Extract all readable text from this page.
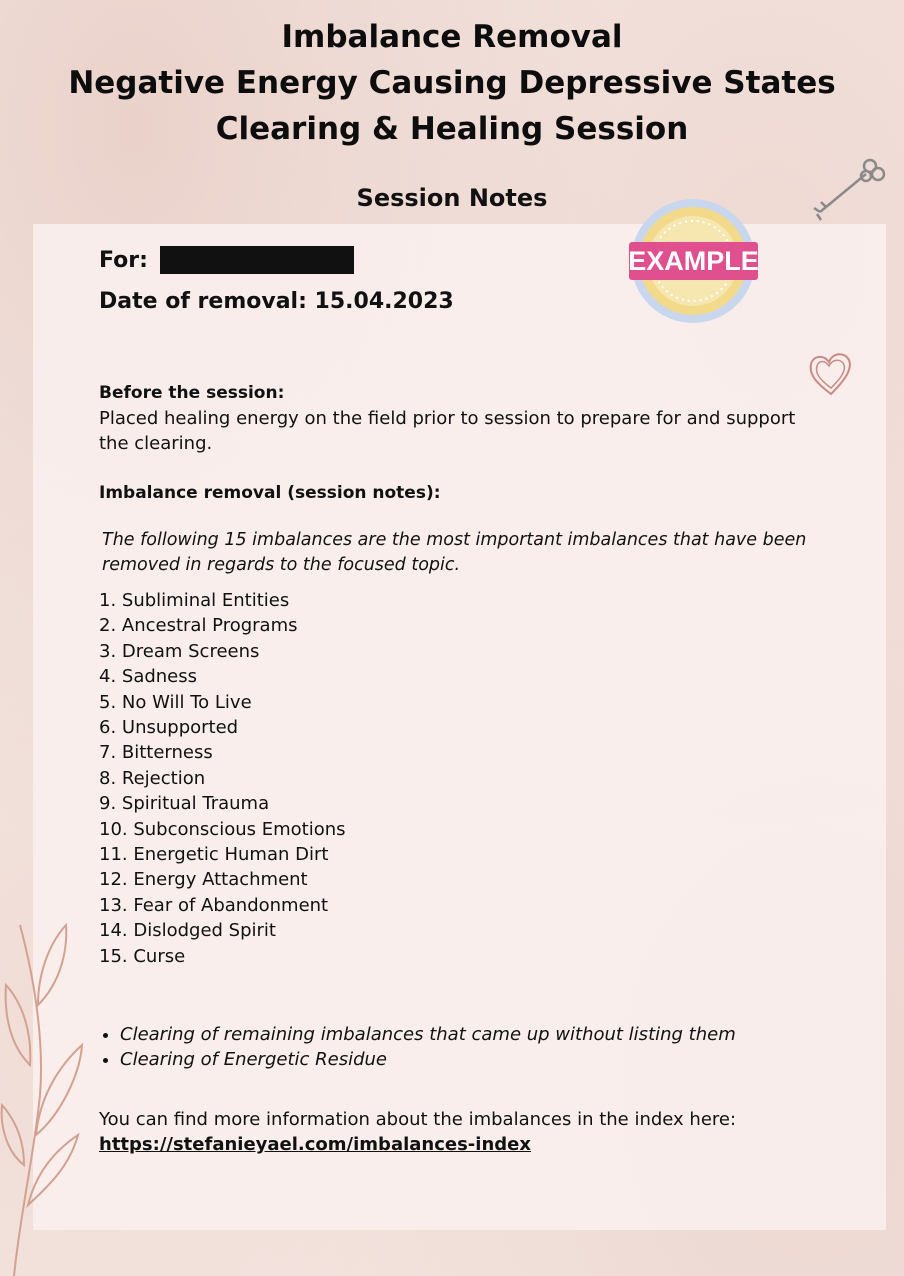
Imbalance Removal
Negative Energy Causing Depressive States
Clearing & Healing Session
Session Notes
EXAMPLE
For:
Date of removal: 15.04.2023
Before the session:
Placed healing energy on the field prior to session to prepare for and support the clearing.
Imbalance removal (session notes):
The following 15 imbalances are the most important imbalances that have been removed in regards to the focused topic.
1. Subliminal Entities
2. Ancestral Programs
3. Dream Screens
4. Sadness
5. No Will To Live
6. Unsupported
7. Bitterness
8. Rejection
9. Spiritual Trauma
10. Subconscious Emotions
11. Energetic Human Dirt
12. Energy Attachment
13. Fear of Abandonment
14. Dislodged Spirit
15. Curse
• Clearing of remaining imbalances that came up without listing them
• Clearing of Energetic Residue
You can find more information about the imbalances in the index here:
https://stefanieyael.com/imbalances-index
